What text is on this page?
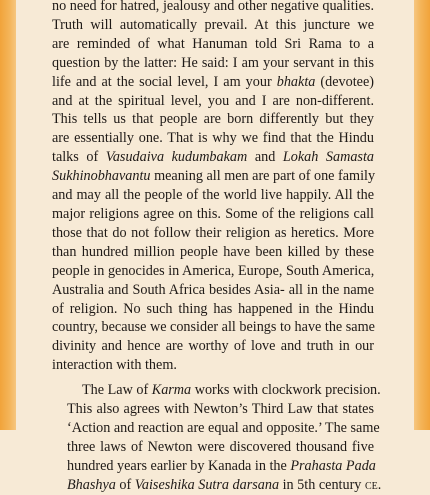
no need for hatred, jealousy and other negative qualities.
Truth will automatically prevail. At this juncture we
are reminded of what Hanuman told Sri Rama to a
question by the latter: He said: I am your servant in this
life and at the social level, I am your bhakta (devotee)
and at the spiritual level, you and I are non-different.
This tells us that people are born differently but they
are essentially one. That is why we find that the Hindu
talks of Vasudaiva kudumbakam and Lokah Samasta
Sukhinobhavantu meaning all men are part of one family
and may all the people of the world live happily. All the
major religions agree on this. Some of the religions call
those that do not follow their religion as heretics. More
than hundred million people have been killed by these
people in genocides in America, Europe, South America,
Australia and South Africa besides Asia- all in the name
of religion. No such thing has happened in the Hindu
country, because we consider all beings to have the same
divinity and hence are worthy of love and truth in our
interaction with them.

The Law of Karma works with clockwork precision.
This also agrees with Newton’s Third Law that states
‘Action and reaction are equal and opposite.’ The same
three laws of Newton were discovered thousand five
hundred years earlier by Kanada in the Prahasta Pada
Bhashya of Vaiseshika Sutra darsana in 5th century ce.
